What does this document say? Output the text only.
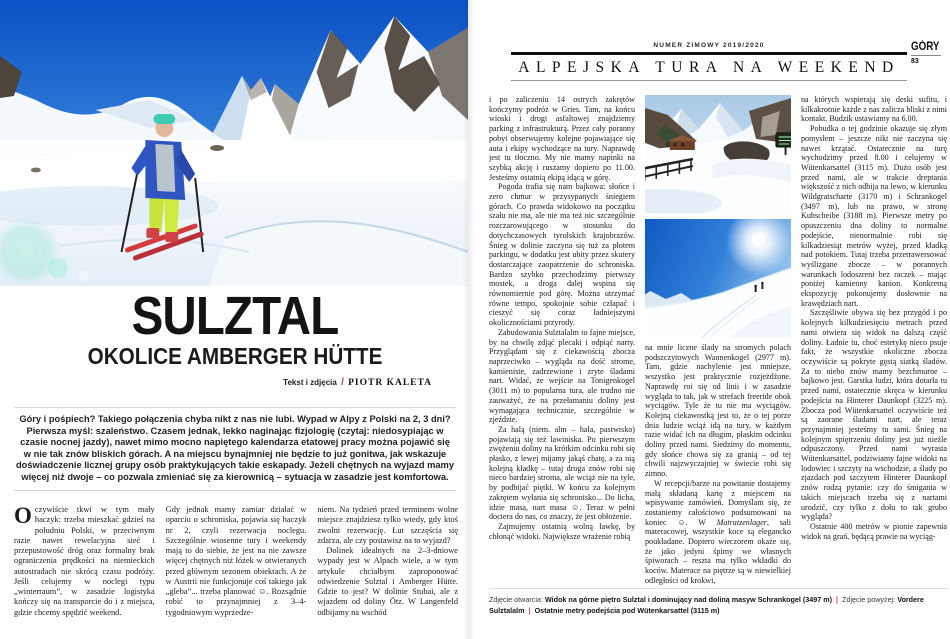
SULZTAL
OKOLICE AMBERGER HÜTTE
Tekst i zdjęcia / PIOTR KALETA
Góry i pośpiech? Takiego połączenia chyba nikt z nas nie lubi. Wypad w Alpy z Polski na 2, 3 dni? Pierwsza myśl: szaleństwo. Czasem jednak, lekko naginając fizjologię (czytaj: niedosypiając w czasie nocnej jazdy), nawet mimo mocno napiętego kalendarza etatowej pracy można pojawić się w nie tak znów bliskich górach. A na miejscu bynajmniej nie będzie to już gonitwa, jak wskazuje doświadczenie licznej grupy osób praktykujących takie eskapady. Jeżeli chętnych na wyjazd mamy więcej niż dwoje – co pozwala zmieniać się za kierownicą – sytuacja w zasadzie jest komfortowa.

Oczywiście tkwi w tym mały haczyk: trzeba mieszkać gdzieś na południu Polski, w przeciwnym razie nawet rewelacyjna sieć i przepustowość dróg oraz formalny brak ograniczenia prędkości na niemieckich autostradach nie skrócą czasu podróży. Jeśli celujemy w noclegi typu „winterraum”, w zasadzie logistyka kończy się na transporcie do i z miejsca, gdzie chcemy spędzić weekend.

Gdy jednak mamy zamiar działać w oparciu o schroniska, pojawia się haczyk nr 2, czyli rezerwacja noclegu. Szczególnie wiosenne tury i weekendy mają to do siebie, że jest na nie zawsze więcej chętnych niż łóżek w otwieranych przed głównym sezonem obiektach. A że w Austrii nie funkcjonuje coś takiego jak „gleba”... trzeba planować ☺. Rozsądnie robić to przynajmniej z 3–4-tygodniowym wyprzedze-

niem. Na tydzień przed terminem wolne miejsce znajdziesz tylko wtedy, gdy ktoś zwolni rezerwację. Łut szczęścia się zdarza, ale czy postawisz na to wyjazd?

Dolinek idealnych na 2–3-dniowe wypady jest w Alpach wiele, a w tym artykule chciałbym zaproponować odwiedzenie Sulztal i Amberger Hütte. Gdzie to jest? W dolinie Stubai, ale z wjazdem od doliny Ötz. W Langenfeld odbijamy na wschód

NUMER ZIMOWY 2019/2020
ALPEJSKA TURA NA WEEKEND
GÓRY
83

i po zaliczeniu 14 ostrych zakrętów kończymy podróż w Gries. Tam, na końcu wioski i drogi asfaltowej znajdziemy parking z infrastrukturą. Przez cały poranny pobyt obserwujemy kolejne pojawiające się auta i ekipy wychodzące na tury. Naprawdę jest tu tłoczno. My nie mamy napinki na szybką akcję i ruszamy dopiero po 11.00. Jesteśmy ostatnią ekipą idącą w górę.

Pogoda trafia się nam bajkowa: słońce i zero chmur w przysypanych śniegiem górach. Co prawda widokowo na początku szału nie ma, ale nie ma też nic szczególnie rozczarowującego w stosunku do dotychczasowych tyrolskich krajobrazów. Śnieg w dolinie zaczyna się tuż za płotem parkingu, w dodatku jest ubity przez skutery dostarczające zaopatrzenie do schroniska. Bardzo szybko przechodzimy pierwszy mostek, a droga dalej wspina się równomiernie pod górę. Można utrzymać równe tempo, spokojnie sobie człapać i cieszyć się coraz ładniejszymi okolicznościami przyrody.

Zabudowania Sulztalalm to fajne miejsce, by na chwilę zdjąć plecaki i odpiąć narty. Przyglądam się z ciekawością zbocza naprzeciwko – wygląda na dość strome, kamieniste, zadrzewione i zryte śladami nart. Widać, że wejście na Tonigenkogel (3011 m) to popularna tura, ale trudno nie zauważyć, że na przełamaniu doliny jest wymagająca technicznie, szczególnie w zjeździe.

Za halą (niem. alm – hala, pastwisko) pojawiają się też lawiniska. Po pierwszym zwężeniu doliny na krótkim odcinku robi się płasko, z lewej mijamy jakąś chatę, a za nią kolejną kładkę – tutaj droga znów robi się nieco bardziej stroma, ale wciąż nie na tyle, by podbijać piętki. W końcu za kolejnym zakrętem wyłania się schronisko... Do licha, idzie masa, nart masa ☺. Teraz w pełni dociera do nas, co znaczy, że jest obłożenie.

Zajmujemy ostatnią wolną ławkę, by chłonąć widoki. Największe wrażenie robią

na mnie liczne ślady na stromych polach podszczytowych Wannenkogel (2977 m). Tam, gdzie nachylenie jest mniejsze, wszystko jest praktycznie rozjeżdżone. Naprawdę roi się od linii i w zasadzie wygląda to tak, jak w strefach freeride obok wyciągów. Tyle że tu nie ma wyciągów. Kolejną ciekawostką jest to, że o tej porze dnia ludzie wciąż idą na tury, w każdym razie widać ich na długim, płaskim odcinku doliny przed nami. Siedzimy do momentu, gdy słońce chowa się za granią – od tej chwili najzwyczajniej w świecie robi się zimno.

W recepcji/barze na powitanie dostajemy małą składaną kartę z miejscem na wpisywanie zamówień. Domyślam się, że zostaniemy całościowo podsumowani na koniec ☺. W Matratzenlager, sali materacowej, wszystkie koce są elegancko poukładane. Dopiero wieczorem okaże się, że jako jedyni śpimy we własnych śpiworach – reszta ma tylko wkładki do koców. Materace na piętrze są w niewielkiej odległości od krokwi,

na których wspierają się deski sufitu, i kilkakrotnie każde z nas zalicza bliski z nimi kontakt. Budzik ustawiamy na 6.00.

Pobudka o tej godzinie okazuje się złym pomysłem – jeszcze nikt nie zaczyna się nawet krzątać. Ostatecznie na turę wychodzimy przed 8.00 i celujemy w Wütenkarsattel (3115 m). Dużo osób jest przed nami, ale w trakcie dreptania większość z nich odbija na lewo, w kierunku Wildgratscharte (3170 m) i Schrankogel (3497 m), lub na prawo, w stronę Kuhscheibe (3188 m). Pierwsze metry po opuszczeniu dna doliny to normalne podejście, nienormalnie robi się kilkadziesiąt metrów wyżej, przed kładką nad potokiem. Tutaj trzeba przetrawersować wyślizgane zbocze – w porannych warunkach lodoszreni bez raczek – mając poniżej kamienny kanion. Konkretną ekspozycję pokonujemy dosłownie na krawędziach nart.

Szczęśliwie obywa się bez przygód i po kolejnych kilkudziesięciu metrach przed nami otwiera się widok na dalszą część doliny. Ładnie tu, choć estetykę nieco psuje fakt, że wszystkie okoliczne zbocza oczywiście są pokryte gęstą siatką śladów. Za to niebo znów mamy bezchmurne – bajkowo jest. Garstka ludzi, która dotarła tu przed nami, ostatecznie skręca w kierunku podejścia na Hinterer Daunkopf (3225 m). Zbocza pod Wütenkarsattel oczywiście też są zaorane śladami nart, ale teraz przynajmniej jesteśmy tu sami. Śnieg na kolejnym spiętrzeniu doliny jest już nieźle odpuszczony. Przed nami wyrasta Wütenkarsattel, podziwiamy fajne widoki na lodowiec i szczyty na wschodzie, a ślady po zjazdach pod szczytem Hinterer Daunkopf znów rodzą pytanie: czy do śmigania w takich miejscach trzeba się z nartami urodzić, czy tylko z dołu to tak grubo wygląda?

Ostatnie 400 metrów w pionie zapewnia widok na grań, będącą prawie na wyciąg-

Zdjęcie otwarcia: Widok na górne piętro Sulztal i dominujący nad doliną masyw Schrankogel (3497 m) | Zdjęcie powyżej: Vordere Sulztalalm | Ostatnie metry podejścia pod Wütenkarsattel (3115 m)
